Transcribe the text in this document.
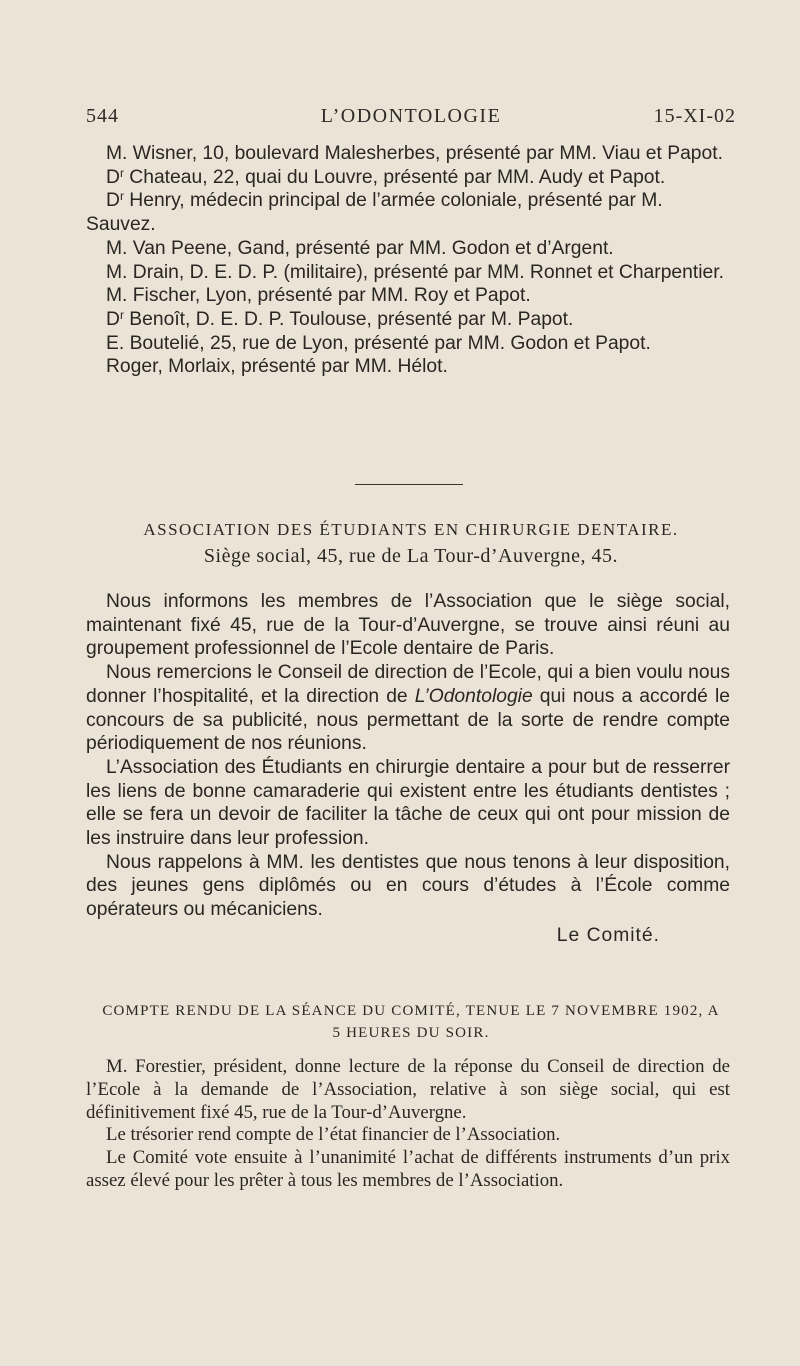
544	L’ODONTOLOGIE	15-XI-02

M. Wisner, 10, boulevard Malesherbes, présenté par MM. Viau et Papot.

$D^r$ Chateau, 22, quai du Louvre, présenté par MM. Audy et Papot.

$D^r$ Henry, médecin principal de l’armée coloniale, présenté par M. Sauvez.

M. Van Peene, Gand, présenté par MM. Godon et d’Argent.

M. Drain, D. E. D. P. (militaire), présenté par MM. Ronnet et Charpentier.

M. Fischer, Lyon, présenté par MM. Roy et Papot.

$D^r$ Benoît, D. E. D. P. Toulouse, présenté par M. Papot.

E. Boutelié, 25, rue de Lyon, présenté par MM. Godon et Papot.

Roger, Morlaix, présenté par MM. Hélot.

ASSOCIATION DES ÉTUDIANTS EN CHIRURGIE DENTAIRE.
Siège social, 45, rue de La Tour-d’Auvergne, 45.

Nous informons les membres de l’Association que le siège social, maintenant fixé 45, rue de la Tour-d’Auvergne, se trouve ainsi réuni au groupement professionnel de l’Ecole dentaire de Paris.

Nous remercions le Conseil de direction de l’Ecole, qui a bien voulu nous donner l’hospitalité, et la direction de L’Odontologie qui nous a accordé le concours de sa publicité, nous permettant de la sorte de rendre compte périodiquement de nos réunions.

L’Association des Étudiants en chirurgie dentaire a pour but de resserrer les liens de bonne camaraderie qui existent entre les étudiants dentistes ; elle se fera un devoir de faciliter la tâche de ceux qui ont pour mission de les instruire dans leur profession.

Nous rappelons à MM. les dentistes que nous tenons à leur disposition, des jeunes gens diplômés ou en cours d’études à l’École comme opérateurs ou mécaniciens.

Le Comité.

COMPTE RENDU DE LA SÉANCE DU COMITÉ, TENUE LE 7 NOVEMBRE 1902, A
5 HEURES DU SOIR.

M. Forestier, président, donne lecture de la réponse du Conseil de direction de l’Ecole à la demande de l’Association, relative à son siège social, qui est définitivement fixé 45, rue de la Tour-d’Auvergne.

Le trésorier rend compte de l’état financier de l’Association.

Le Comité vote ensuite à l’unanimité l’achat de différents instruments d’un prix assez élevé pour les prêter à tous les membres de l’Association.
